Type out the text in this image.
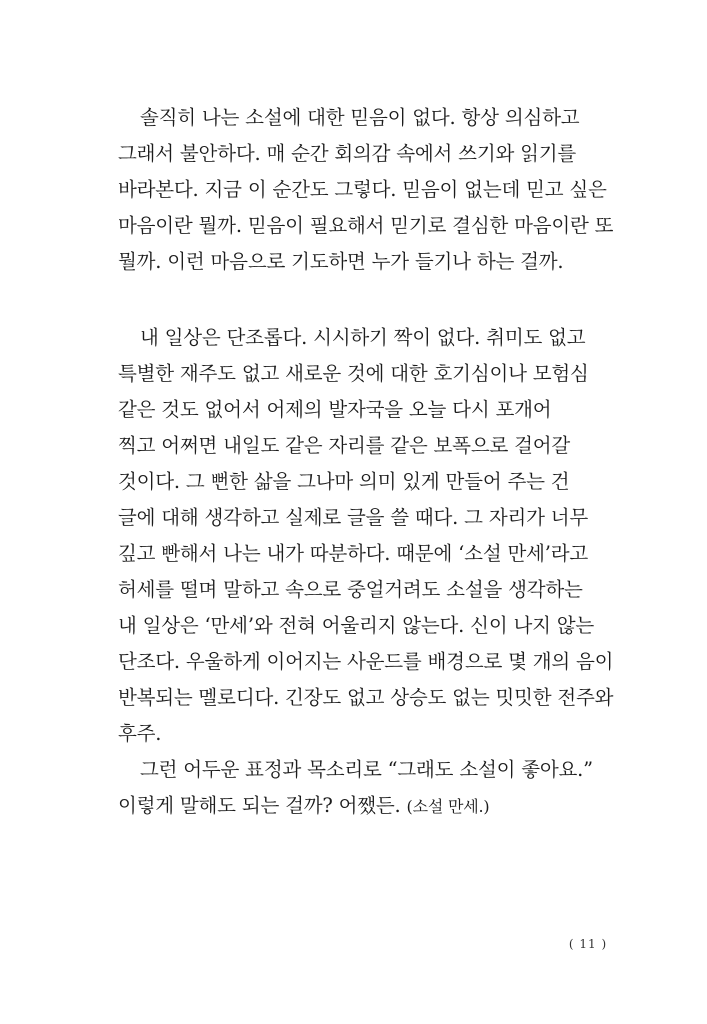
솔직히 나는 소설에 대한 믿음이 없다. 항상 의심하고
그래서 불안하다. 매 순간 회의감 속에서 쓰기와 읽기를
바라본다. 지금 이 순간도 그렇다. 믿음이 없는데 믿고 싶은
마음이란 뭘까. 믿음이 필요해서 믿기로 결심한 마음이란 또
뭘까. 이런 마음으로 기도하면 누가 들기나 하는 걸까.
내 일상은 단조롭다. 시시하기 짝이 없다. 취미도 없고
특별한 재주도 없고 새로운 것에 대한 호기심이나 모험심
같은 것도 없어서 어제의 발자국을 오늘 다시 포개어
찍고 어쩌면 내일도 같은 자리를 같은 보폭으로 걸어갈
것이다. 그 뻔한 삶을 그나마 의미 있게 만들어 주는 건
글에 대해 생각하고 실제로 글을 쓸 때다. 그 자리가 너무
깊고 빤해서 나는 내가 따분하다. 때문에 ‘소설 만세’라고
허세를 떨며 말하고 속으로 중얼거려도 소설을 생각하는
내 일상은 ‘만세’와 전혀 어울리지 않는다. 신이 나지 않는
단조다. 우울하게 이어지는 사운드를 배경으로 몇 개의 음이
반복되는 멜로디다. 긴장도 없고 상승도 없는 밋밋한 전주와
후주.
그런 어두운 표정과 목소리로 “그래도 소설이 좋아요.”
이렇게 말해도 되는 걸까? 어쨌든. (소설 만세.)
( 11 )
